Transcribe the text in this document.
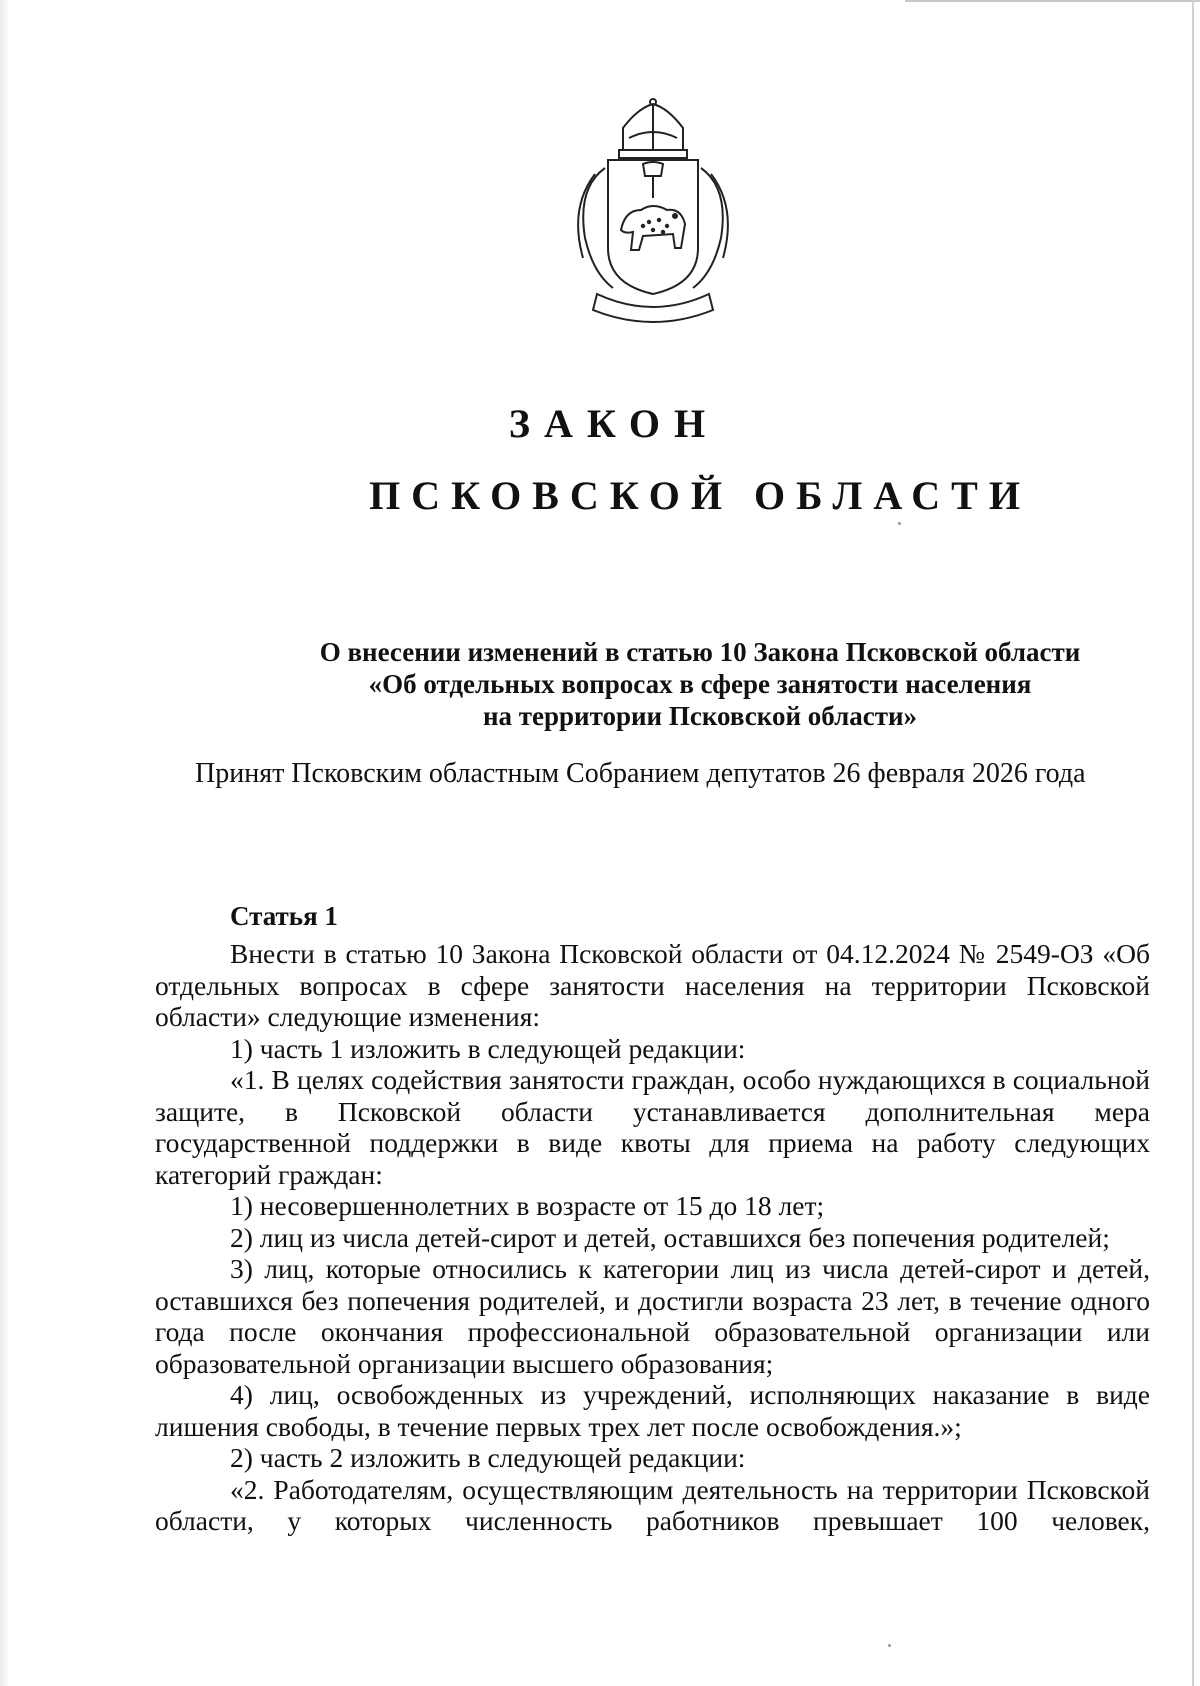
ЗАКОН
ПСКОВСКОЙ ОБЛАСТИ
О внесении изменений в статью 10 Закона Псковской области
«Об отдельных вопросах в сфере занятости населения
на территории Псковской области»
Принят Псковским областным Собранием депутатов 26 февраля 2026 года
Статья 1

Внести в статью 10 Закона Псковской области от 04.12.2024 № 2549-ОЗ «Об отдельных вопросах в сфере занятости населения на территории Псковской области» следующие изменения:

1) часть 1 изложить в следующей редакции:

«1. В целях содействия занятости граждан, особо нуждающихся в социальной защите, в Псковской области устанавливается дополнительная мера государственной поддержки в виде квоты для приема на работу следующих категорий граждан:

1) несовершеннолетних в возрасте от 15 до 18 лет;

2) лиц из числа детей-сирот и детей, оставшихся без попечения родителей;

3) лиц, которые относились к категории лиц из числа детей-сирот и детей, оставшихся без попечения родителей, и достигли возраста 23 лет, в течение одного года после окончания профессиональной образовательной организации или образовательной организации высшего образования;

4) лиц, освобожденных из учреждений, исполняющих наказание в виде лишения свободы, в течение первых трех лет после освобождения.»;

2) часть 2 изложить в следующей редакции:

«2. Работодателям, осуществляющим деятельность на территории Псковской области, у которых численность работников превышает 100 человек,
